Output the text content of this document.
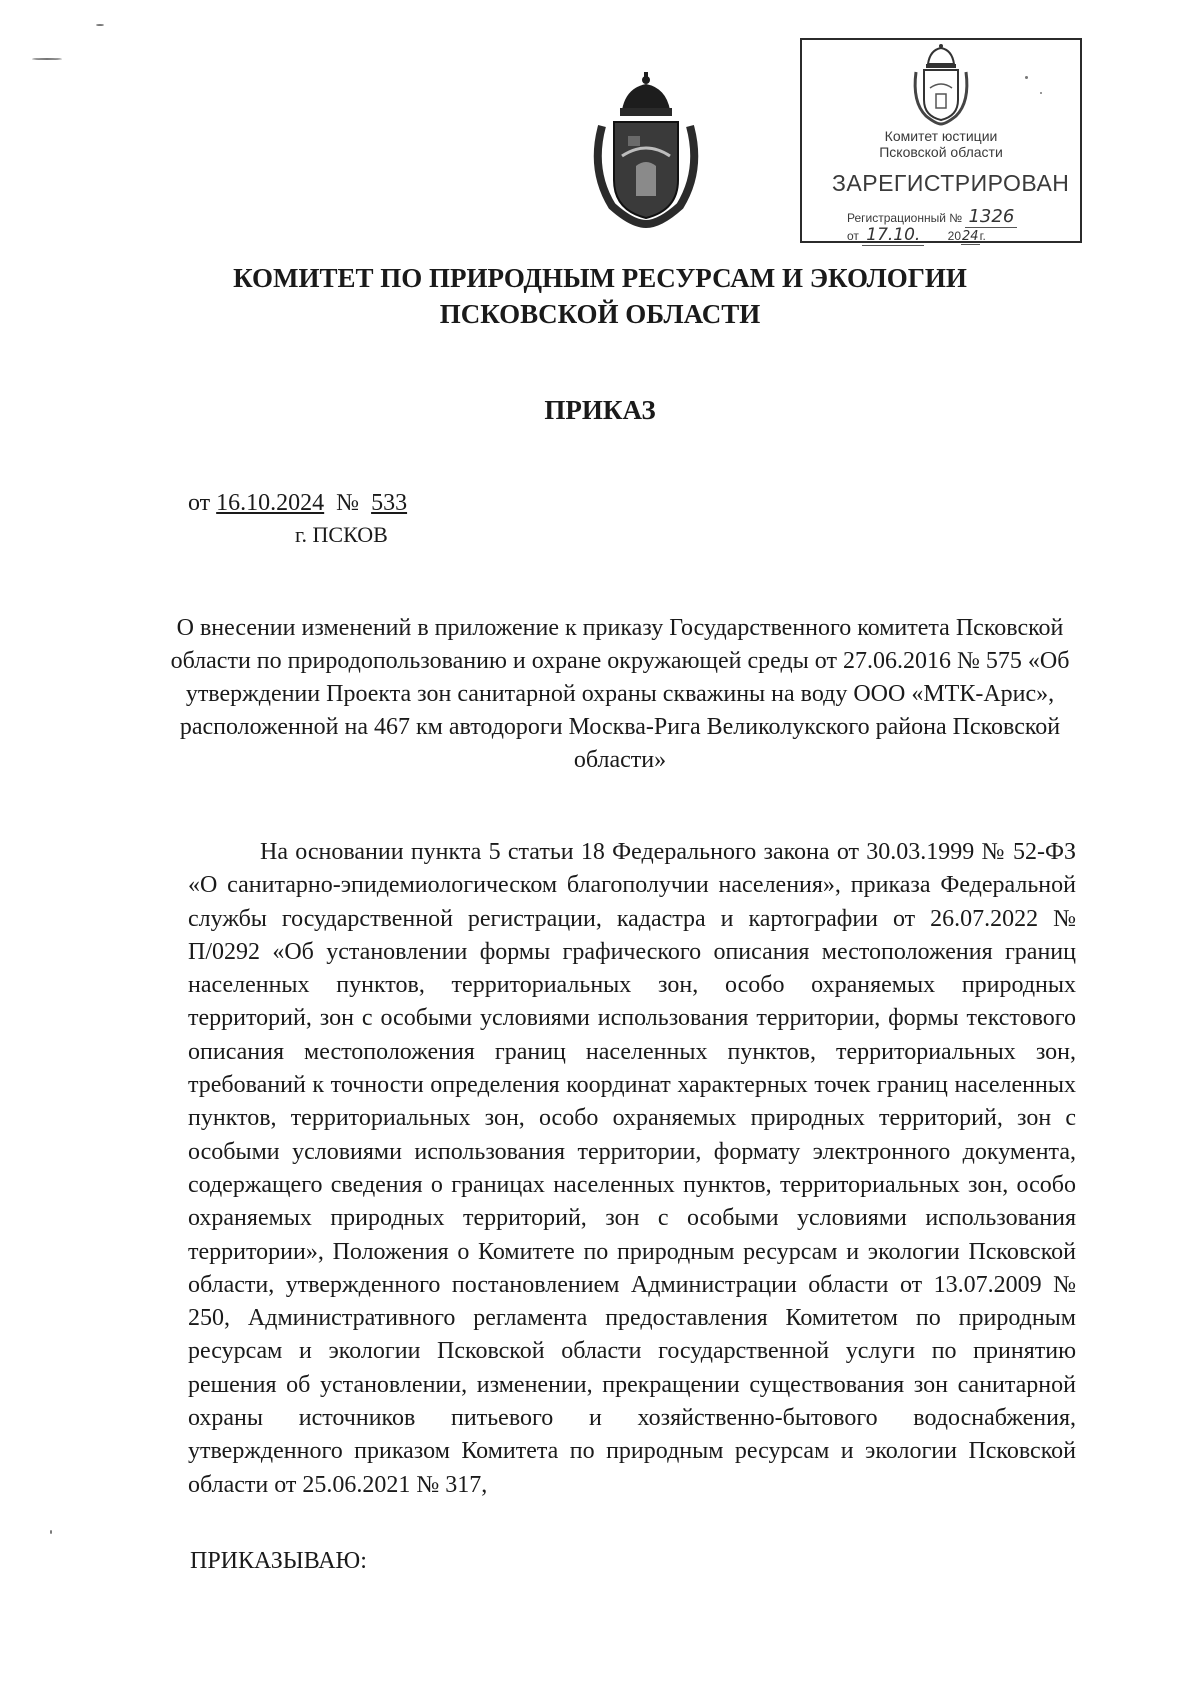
Комитет юстиции
Псковской области
ЗАРЕГИСТРИРОВАН
Регистрационный № 1326
от 17.10. 2024г.
КОМИТЕТ ПО ПРИРОДНЫМ РЕСУРСАМ И ЭКОЛОГИИ
ПСКОВСКОЙ ОБЛАСТИ
ПРИКАЗ
от 16.10.2024 № 533
г. ПСКОВ
О внесении изменений в приложение к приказу Государственного комитета Псковской области по природопользованию и охране окружающей среды от 27.06.2016 № 575 «Об утверждении Проекта зон санитарной охраны скважины на воду ООО «МТК-Арис», расположенной на 467 км автодороги Москва-Рига Великолукского района Псковской области»
На основании пункта 5 статьи 18 Федерального закона от 30.03.1999 № 52-ФЗ «О санитарно-эпидемиологическом благополучии населения», приказа Федеральной службы государственной регистрации, кадастра и картографии от 26.07.2022 № П/0292 «Об установлении формы графического описания местоположения границ населенных пунктов, территориальных зон, особо охраняемых природных территорий, зон с особыми условиями использования территории, формы текстового описания местоположения границ населенных пунктов, территориальных зон, требований к точности определения координат характерных точек границ населенных пунктов, территориальных зон, особо охраняемых природных территорий, зон с особыми условиями использования территории, формату электронного документа, содержащего сведения о границах населенных пунктов, территориальных зон, особо охраняемых природных территорий, зон с особыми условиями использования территории», Положения о Комитете по природным ресурсам и экологии Псковской области, утвержденного постановлением Администрации области от 13.07.2009 № 250, Административного регламента предоставления Комитетом по природным ресурсам и экологии Псковской области государственной услуги по принятию решения об установлении, изменении, прекращении существования зон санитарной охраны источников питьевого и хозяйственно-бытового водоснабжения, утвержденного приказом Комитета по природным ресурсам и экологии Псковской области от 25.06.2021 № 317,
ПРИКАЗЫВАЮ:
